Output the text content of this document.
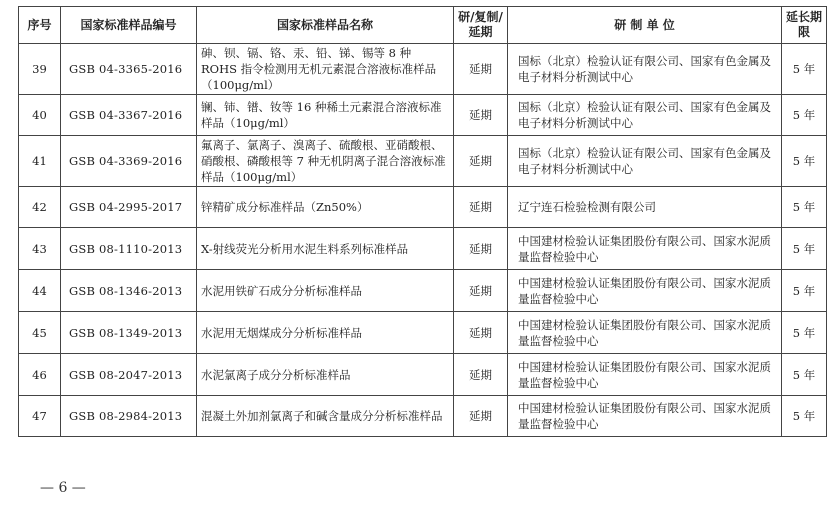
序号	国家标准样品编号	国家标准样品名称	研/复制/延期	研 制 单 位	延长期限
39	GSB 04-3365-2016	砷、钡、镉、铬、汞、铅、锑、锡等 8 种 ROHS 指令检测用无机元素混合溶液标准样品（100μg/ml）	延期	国标（北京）检验认证有限公司、国家有色金属及电子材料分析测试中心	5 年
40	GSB 04-3367-2016	镧、铈、镨、钕等 16 种稀土元素混合溶液标准样品（10μg/ml）	延期	国标（北京）检验认证有限公司、国家有色金属及电子材料分析测试中心	5 年
41	GSB 04-3369-2016	氟离子、氯离子、溴离子、硫酸根、亚硝酸根、硝酸根、磷酸根等 7 种无机阴离子混合溶液标准样品（100μg/ml）	延期	国标（北京）检验认证有限公司、国家有色金属及电子材料分析测试中心	5 年
42	GSB 04-2995-2017	锌精矿成分标准样品（Zn50%）	延期	辽宁连石检验检测有限公司	5 年
43	GSB 08-1110-2013	X-射线荧光分析用水泥生料系列标准样品	延期	中国建材检验认证集团股份有限公司、国家水泥质量监督检验中心	5 年
44	GSB 08-1346-2013	水泥用铁矿石成分分析标准样品	延期	中国建材检验认证集团股份有限公司、国家水泥质量监督检验中心	5 年
45	GSB 08-1349-2013	水泥用无烟煤成分分析标准样品	延期	中国建材检验认证集团股份有限公司、国家水泥质量监督检验中心	5 年
46	GSB 08-2047-2013	水泥氯离子成分分析标准样品	延期	中国建材检验认证集团股份有限公司、国家水泥质量监督检验中心	5 年
47	GSB 08-2984-2013	混凝土外加剂氯离子和碱含量成分分析标准样品	延期	中国建材检验认证集团股份有限公司、国家水泥质量监督检验中心	5 年
— 6 —
